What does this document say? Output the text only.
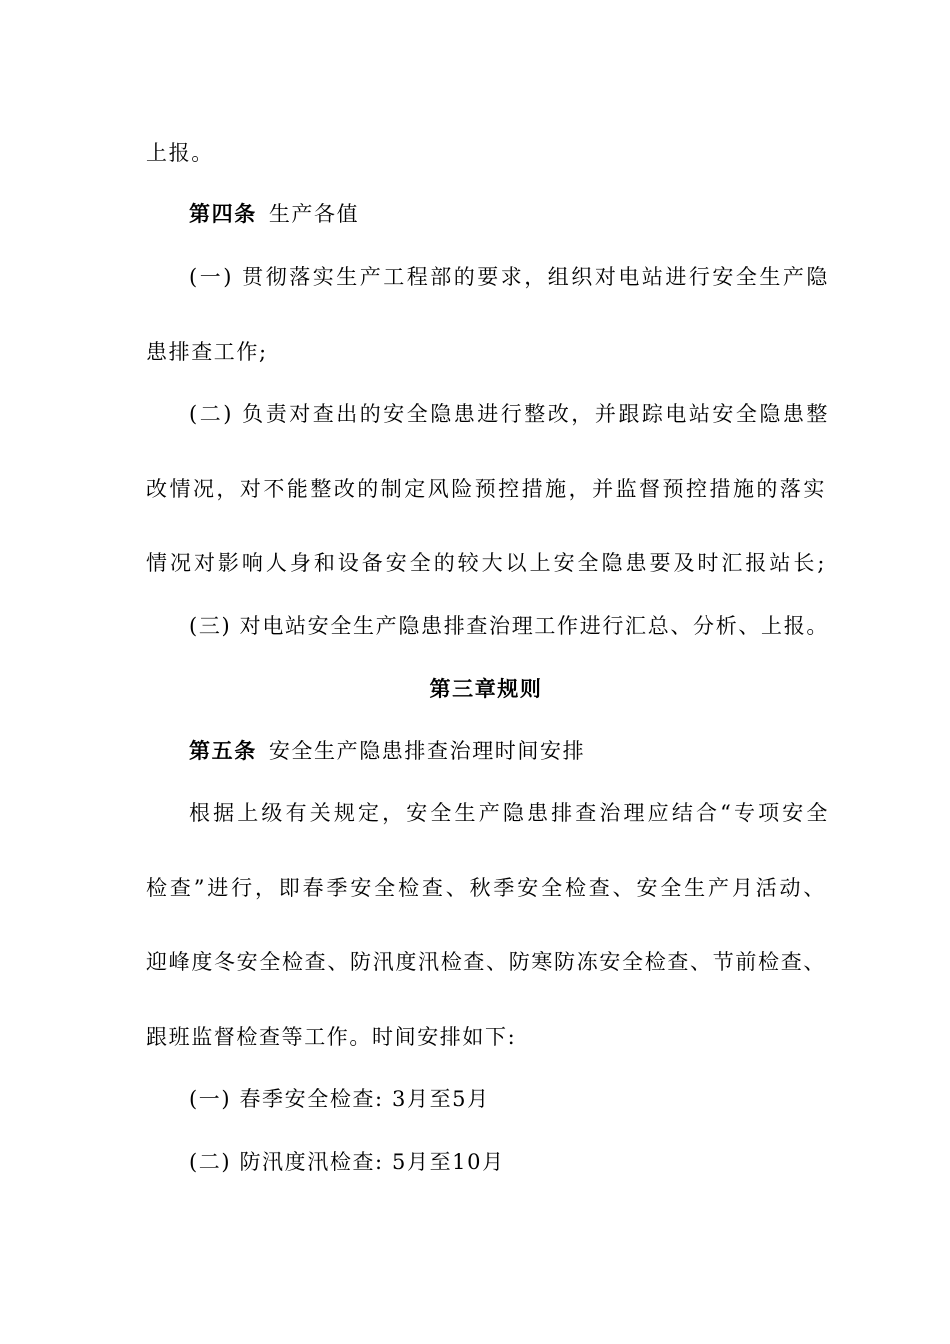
上报。
第四条 生产各值
(一) 贯彻落实生产工程部的要求，组织对电站进行安全生产隐
患排查工作;
(二) 负责对查出的安全隐患进行整改，并跟踪电站安全隐患整
改情况，对不能整改的制定风险预控措施，并监督预控措施的落实
情况对影响人身和设备安全的较大以上安全隐患要及时汇报站长;
(三) 对电站安全生产隐患排查治理工作进行汇总、分析、上报。
第三章规则
第五条 安全生产隐患排查治理时间安排
根据上级有关规定，安全生产隐患排查治理应结合“专项安全
检查”进行，即春季安全检查、秋季安全检查、安全生产月活动、
迎峰度冬安全检查、防汛度汛检查、防寒防冻安全检查、节前检查、
跟班监督检查等工作。时间安排如下:
(一) 春季安全检查: 3月至5月
(二) 防汛度汛检查: 5月至10月
